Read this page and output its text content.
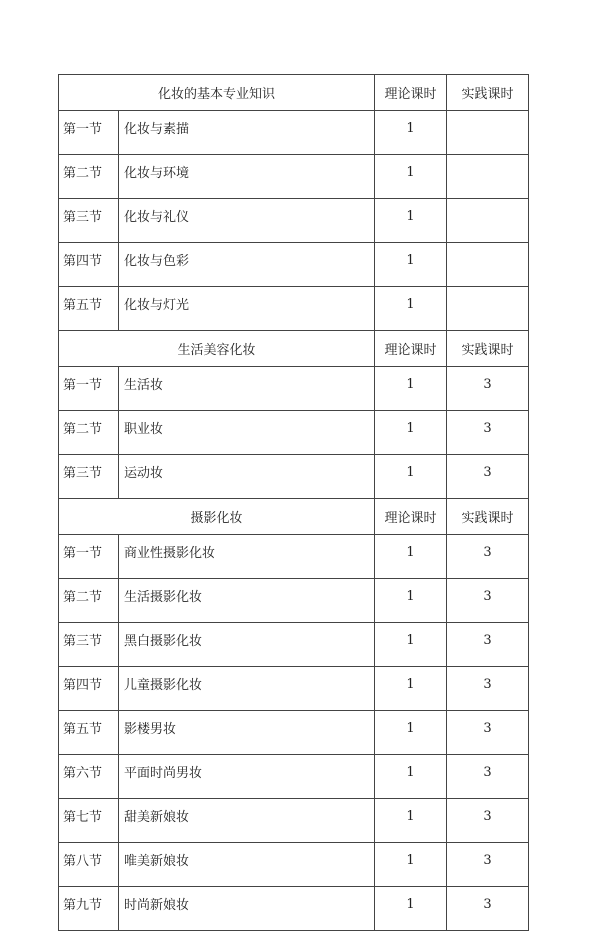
化妆的基本专业知识		理论课时	实践课时
第一节	化妆与素描	1	
第二节	化妆与环境	1	
第三节	化妆与礼仪	1	
第四节	化妆与色彩	1	
第五节	化妆与灯光	1	
生活美容化妆		理论课时	实践课时
第一节	生活妆	1	3
第二节	职业妆	1	3
第三节	运动妆	1	3
摄影化妆		理论课时	实践课时
第一节	商业性摄影化妆	1	3
第二节	生活摄影化妆	1	3
第三节	黑白摄影化妆	1	3
第四节	儿童摄影化妆	1	3
第五节	影楼男妆	1	3
第六节	平面时尚男妆	1	3
第七节	甜美新娘妆	1	3
第八节	唯美新娘妆	1	3
第九节	时尚新娘妆	1	3
